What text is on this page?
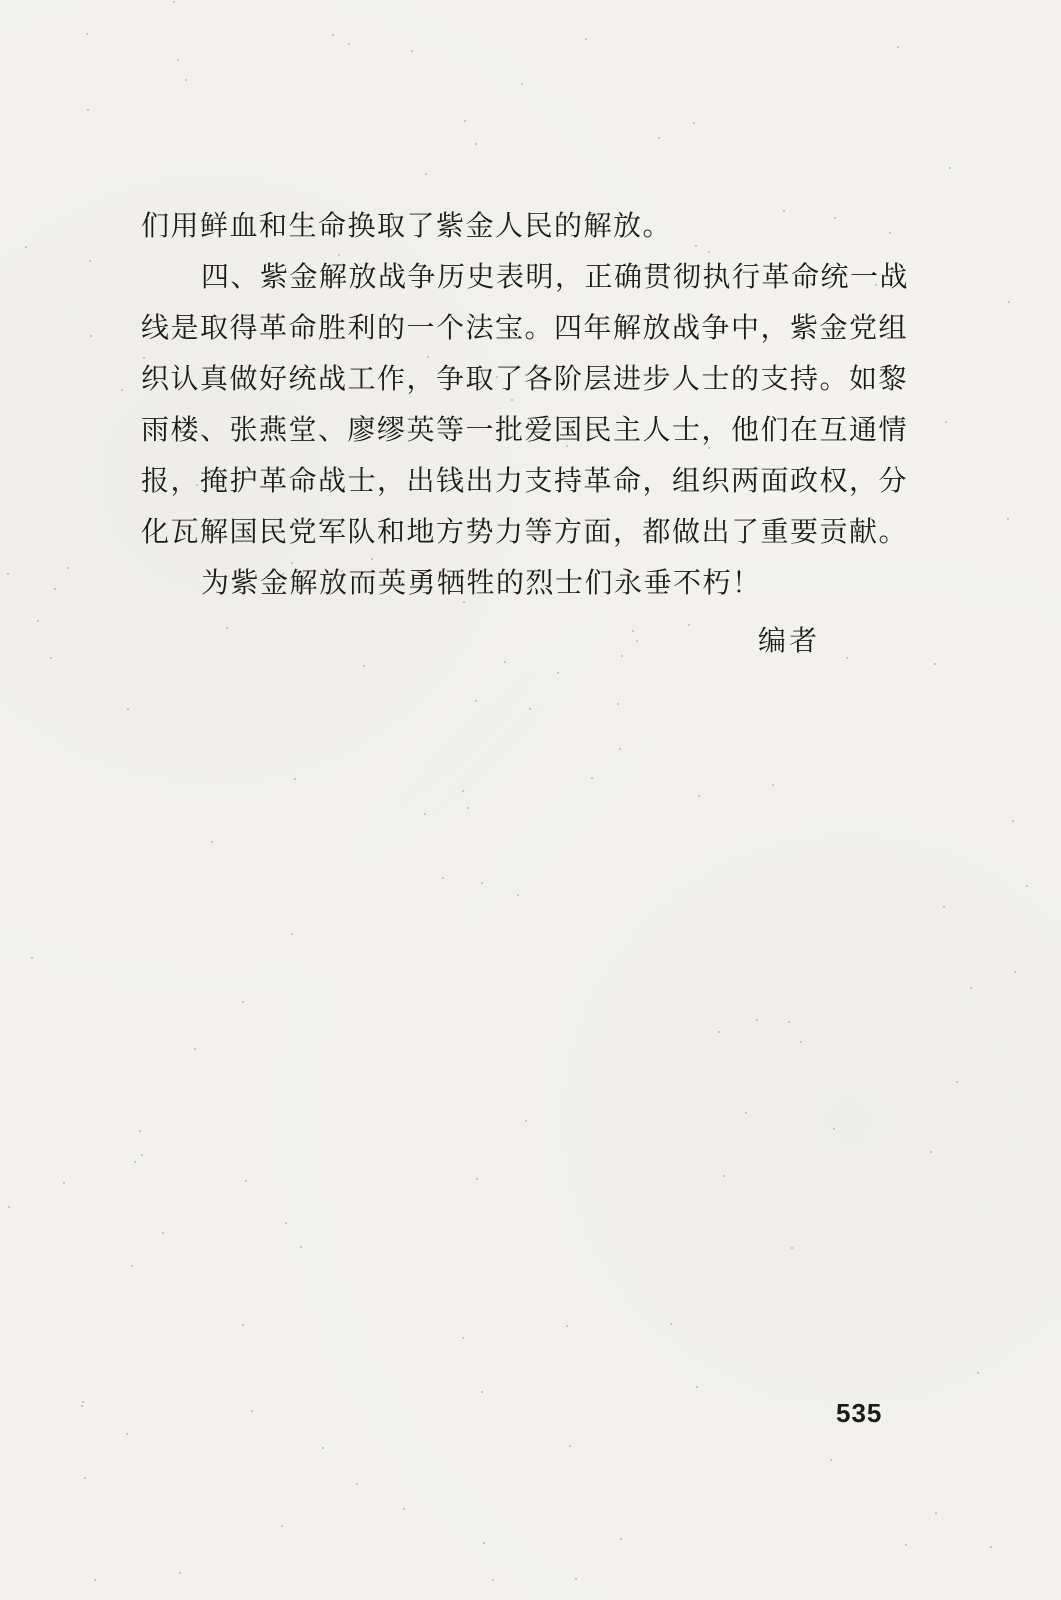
们用鲜血和生命换取了紫金人民的解放。
四、紫金解放战争历史表明，正确贯彻执行革命统一战
线是取得革命胜利的一个法宝。四年解放战争中，紫金党组
织认真做好统战工作，争取了各阶层进步人士的支持。如黎
雨楼、张燕堂、廖缪英等一批爱国民主人士，他们在互通情
报，掩护革命战士，出钱出力支持革命，组织两面政权，分
化瓦解国民党军队和地方势力等方面，都做出了重要贡献。
为紫金解放而英勇牺牲的烈士们永垂不朽！
编者
535
